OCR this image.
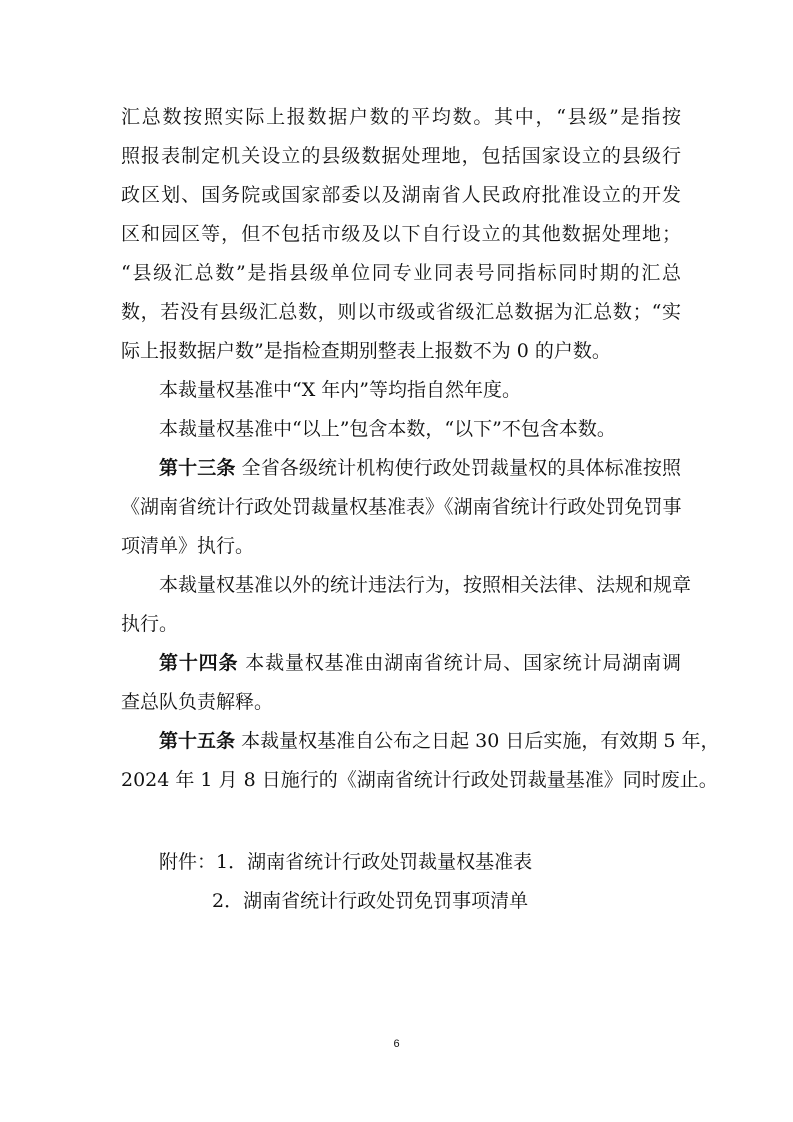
汇总数按照实际上报数据户数的平均数。其中，“县级”是指按
照报表制定机关设立的县级数据处理地，包括国家设立的县级行
政区划、国务院或国家部委以及湖南省人民政府批准设立的开发
区和园区等，但不包括市级及以下自行设立的其他数据处理地；
“县级汇总数”是指县级单位同专业同表号同指标同时期的汇总
数，若没有县级汇总数，则以市级或省级汇总数据为汇总数；“实
际上报数据户数”是指检查期别整表上报数不为 0 的户数。
本裁量权基准中“X 年内”等均指自然年度。
本裁量权基准中“以上”包含本数，“以下”不包含本数。
第十三条 全省各级统计机构使行政处罚裁量权的具体标准按照
《湖南省统计行政处罚裁量权基准表》《湖南省统计行政处罚免罚事
项清单》执行。
本裁量权基准以外的统计违法行为，按照相关法律、法规和规章
执行。
第十四条 本裁量权基准由湖南省统计局、国家统计局湖南调
查总队负责解释。
第十五条 本裁量权基准自公布之日起 30 日后实施，有效期 5 年，
2024 年 1 月 8 日施行的《湖南省统计行政处罚裁量基准》同时废止。
附件：1．湖南省统计行政处罚裁量权基准表
2．湖南省统计行政处罚免罚事项清单
6
